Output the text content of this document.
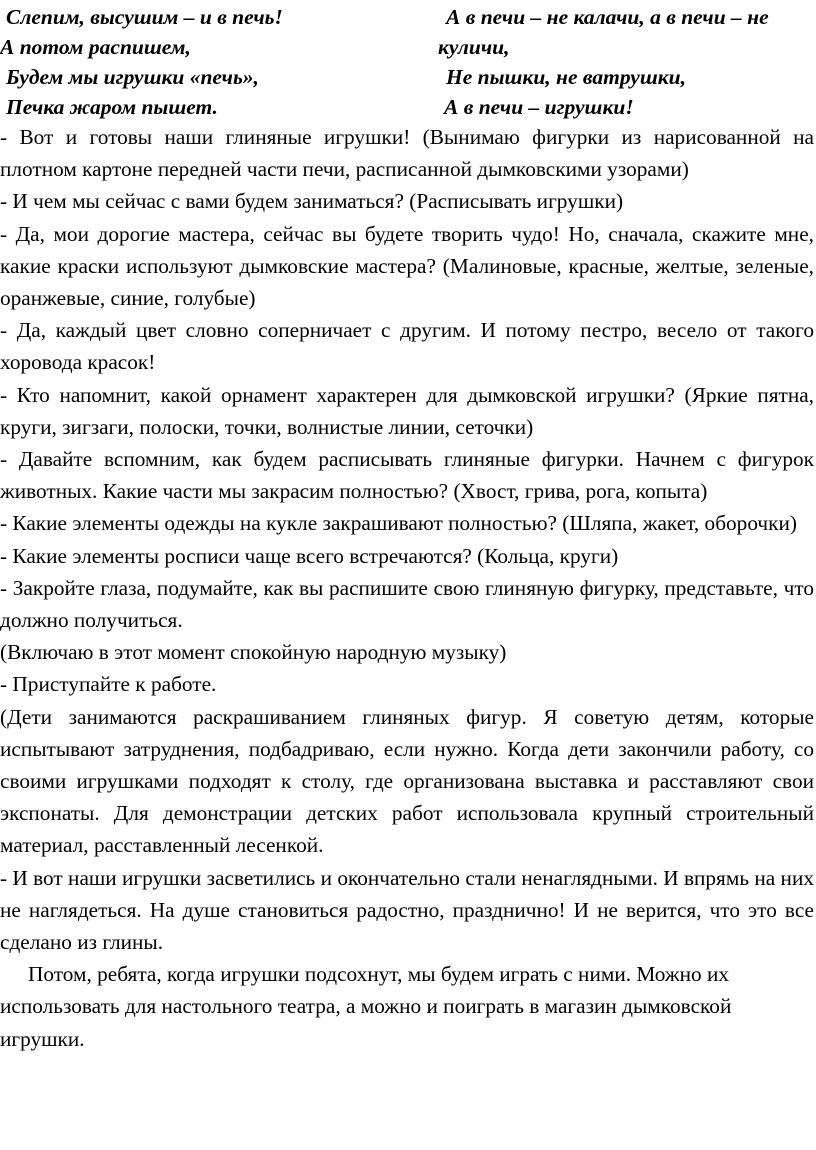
Слепим, высушим – и в печь!
А потом распишем,
Будем мы игрушки «печь»,
Печка жаром пышет.
А в печи – не калачи, а в печи – не
куличи,
Не пышки, не ватрушки,
А в печи – игрушки!

- Вот и готовы наши глиняные игрушки! (Вынимаю фигурки из нарисованной на плотном картоне передней части печи, расписанной дымковскими узорами)

- И чем мы сейчас с вами будем заниматься? (Расписывать игрушки)

- Да, мои дорогие мастера, сейчас вы будете творить чудо! Но, сначала, скажите мне, какие краски используют дымковские мастера? (Малиновые, красные, желтые, зеленые, оранжевые, синие, голубые)

- Да, каждый цвет словно соперничает с другим. И потому пестро, весело от такого хоровода красок!

- Кто напомнит, какой орнамент характерен для дымковской игрушки? (Яркие пятна, круги, зигзаги, полоски, точки, волнистые линии, сеточки)

- Давайте вспомним, как будем расписывать глиняные фигурки. Начнем с фигурок животных. Какие части мы закрасим полностью? (Хвост, грива, рога, копыта)

- Какие элементы одежды на кукле закрашивают полностью? (Шляпа, жакет, оборочки)

- Какие элементы росписи чаще всего встречаются? (Кольца, круги)

- Закройте глаза, подумайте, как вы распишите свою глиняную фигурку, представьте, что должно получиться.

(Включаю в этот момент спокойную народную музыку)

- Приступайте к работе.

(Дети занимаются раскрашиванием глиняных фигур. Я советую детям, которые испытывают затруднения, подбадриваю, если нужно. Когда дети закончили работу, со своими игрушками подходят к столу, где организована выставка и расставляют свои экспонаты. Для демонстрации детских работ использовала крупный строительный материал, расставленный лесенкой.

- И вот наши игрушки засветились и окончательно стали ненаглядными. И впрямь на них не наглядеться. На душе становиться радостно, празднично! И не верится, что это все сделано из глины.

Потом, ребята, когда игрушки подсохнут, мы будем играть с ними. Можно их использовать для настольного театра, а можно и поиграть в магазин дымковской игрушки.
